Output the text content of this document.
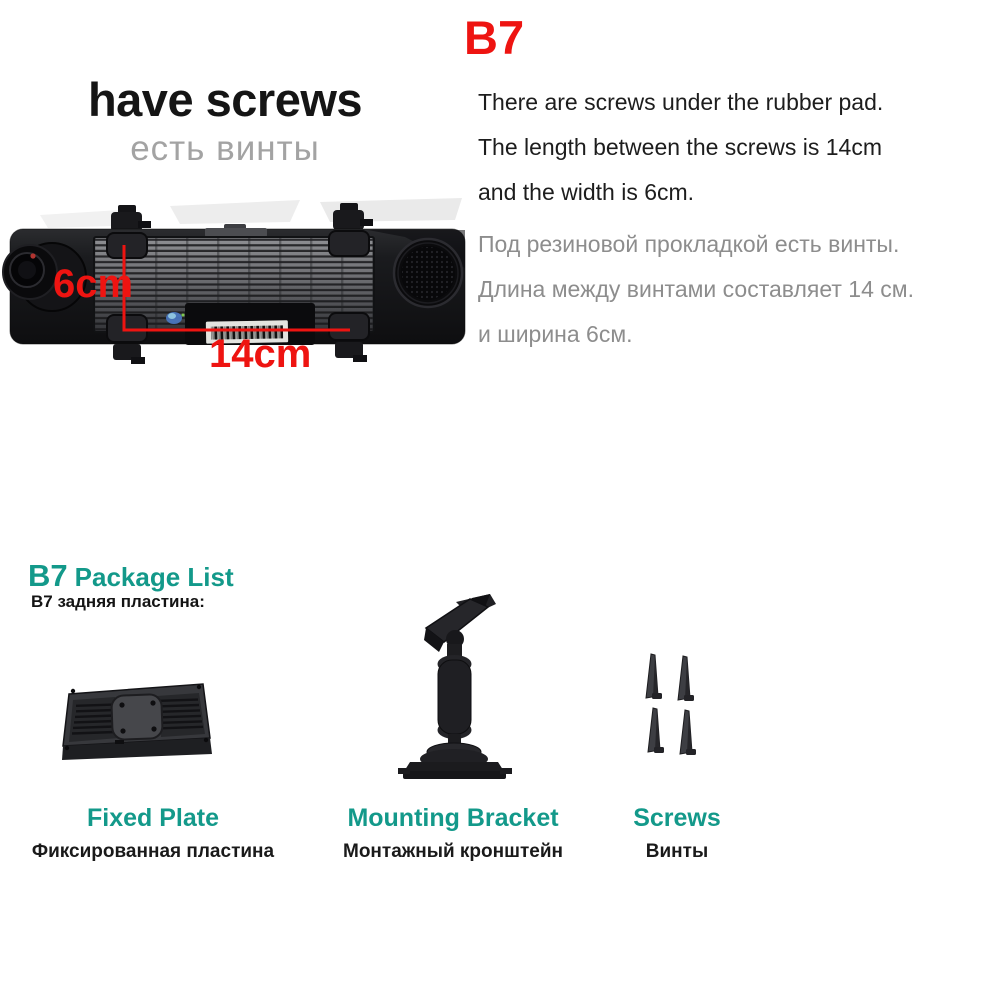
B7
have screws
есть винты
There are screws under the rubber pad.
The length between the screws is 14cm
and the width is 6cm.
Под резиновой прокладкой есть винты.
Длина между винтами составляет 14 см.
и ширина 6см.
6cm
14cm
B7 Package List
B7 задняя пластина:
Fixed Plate
Фиксированная пластина
Mounting Bracket
Монтажный кронштейн
Screws
Винты
